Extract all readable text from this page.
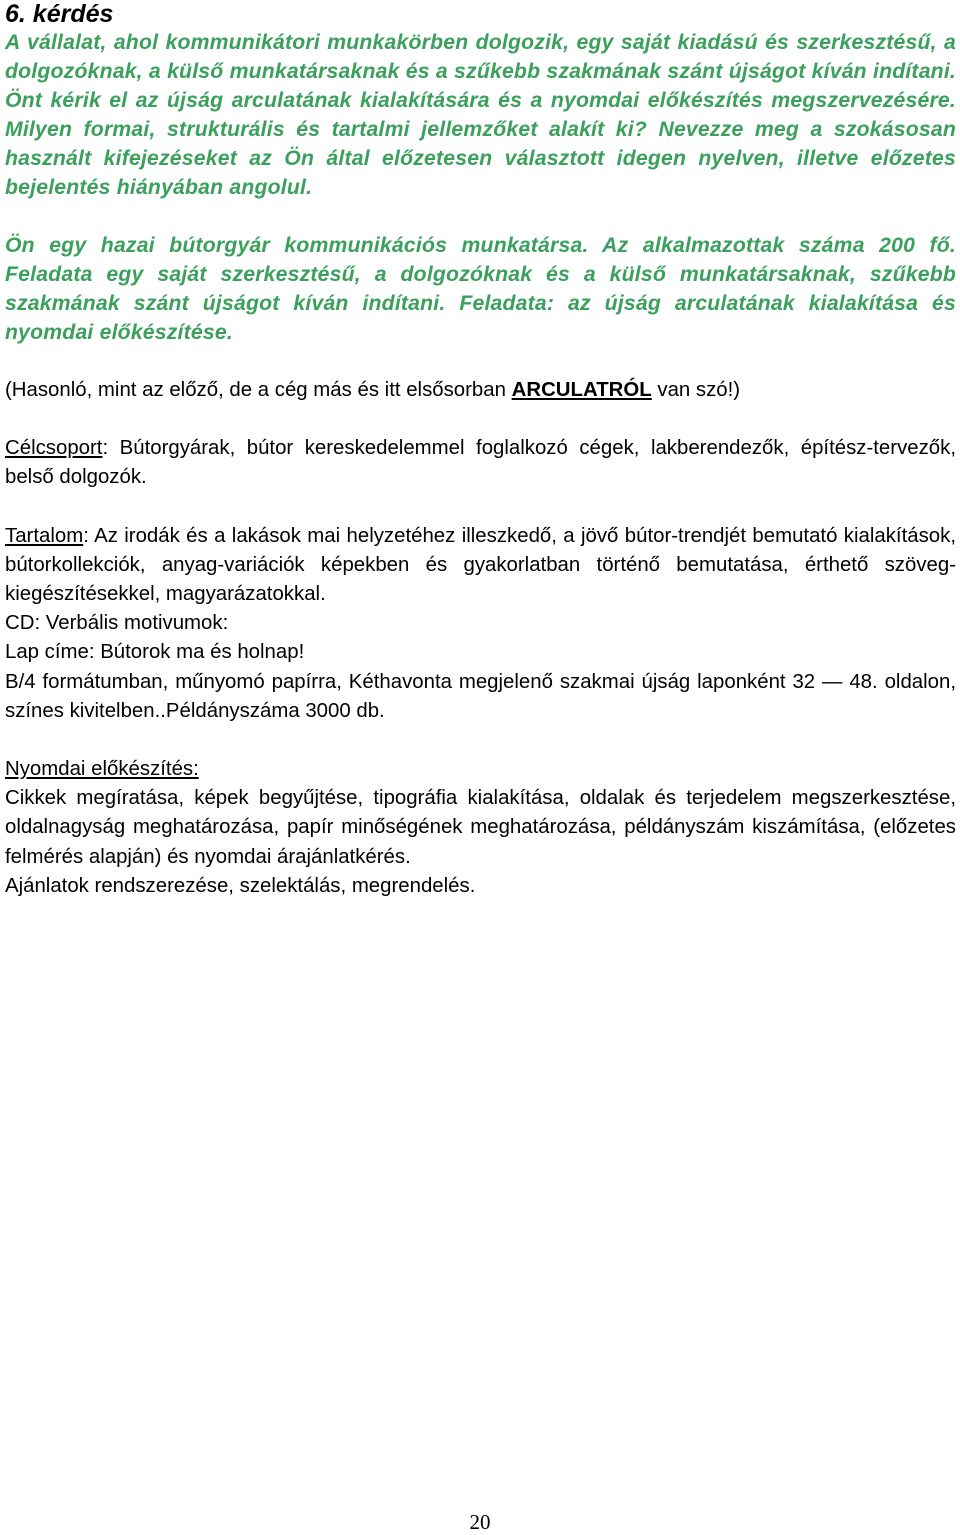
6. kérdés

A vállalat, ahol kommunikátori munkakörben dolgozik, egy saját kiadású és szerkesztésű, a dolgozóknak, a külső munkatársaknak és a szűkebb szakmának szánt újságot kíván indítani. Önt kérik el az újság arculatának kialakítására és a nyomdai előkészítés megszervezésére. Milyen formai, strukturális és tartalmi jellemzőket alakít ki? Nevezze meg a szokásosan használt kifejezéseket az Ön által előzetesen választott idegen nyelven, illetve előzetes bejelentés hiányában angolul.

Ön egy hazai bútorgyár kommunikációs munkatársa. Az alkalmazottak száma 200 fő. Feladata egy saját szerkesztésű, a dolgozóknak és a külső munkatársaknak, szűkebb szakmának szánt újságot kíván indítani. Feladata: az újság arculatának kialakítása és nyomdai előkészítése.

(Hasonló, mint az előző, de a cég más és itt elsősorban ARCULATRÓL van szó!)

Célcsoport: Bútorgyárak, bútor kereskedelemmel foglalkozó cégek, lakberendezők, építész-tervezők, belső dolgozók.

Tartalom: Az irodák és a lakások mai helyzetéhez illeszkedő, a jövő bútor-trendjét bemutató kialakítások, bútorkollekciók, anyag-variációk képekben és gyakorlatban történő bemutatása, érthető szöveg-kiegészítésekkel, magyarázatokkal.

CD: Verbális motivumok:

Lap címe: Bútorok ma és holnap!

B/4 formátumban, műnyomó papírra, Kéthavonta megjelenő szakmai újság laponként 32 — 48. oldalon, színes kivitelben..Példányszáma 3000 db.

Nyomdai előkészítés:

Cikkek megíratása, képek begyűjtése, tipográfia kialakítása, oldalak és terjedelem megszerkesztése, oldalnagyság meghatározása, papír minőségének meghatározása, példányszám kiszámítása, (előzetes felmérés alapján) és nyomdai árajánlatkérés.

Ajánlatok rendszerezése, szelektálás, megrendelés.

20
